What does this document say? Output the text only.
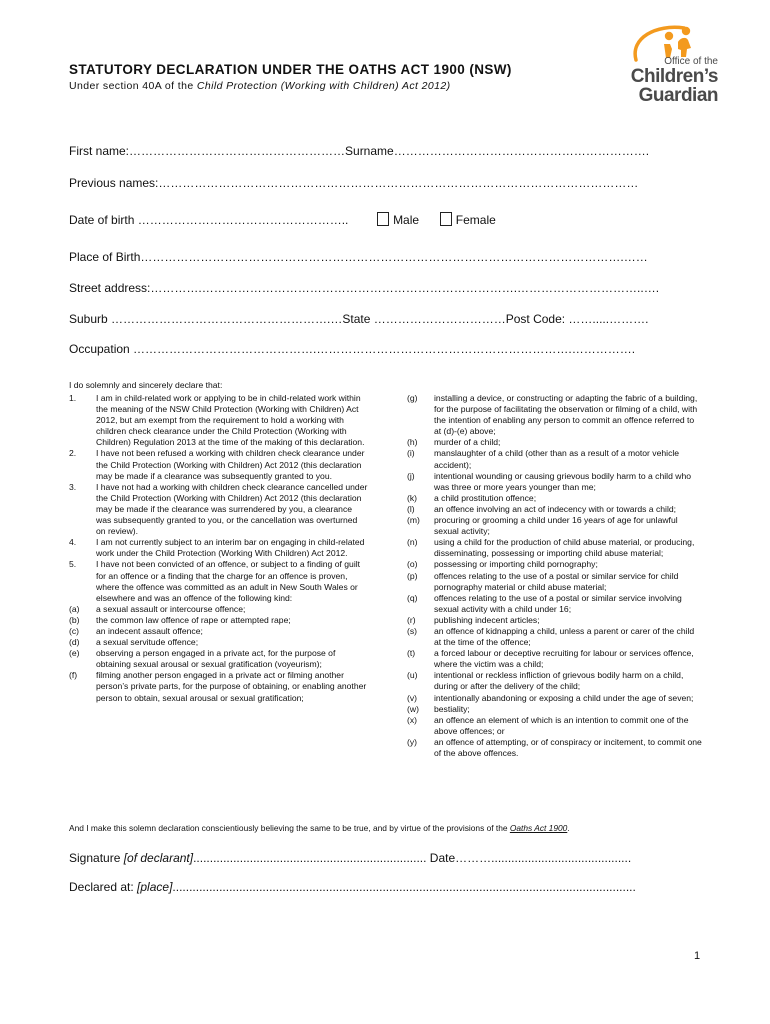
Office of the
Children’s
Guardian
STATUTORY DECLARATION UNDER THE OATHS ACT 1900 (NSW)
Under section 40A of the Child Protection (Working with Children) Act 2012)
First name:………………………………………………Surname……………………………………………………….
Previous names:…………………………………………………………………………………………………………
Date of birth ……………………………………………..	Male	Female
Place of Birth………………………………………………………………………………………………………….……
Street address:………….…………………………………………………………………….…………………………..….
Suburb ……………………………………………….…State ……………………………Post Code: …….....……….
Occupation ……………………………………….……………………………………………………….…………….
I do solemnly and sincerely declare that:
1. I am in child-related work or applying to be in child-related work within the meaning of the NSW Child Protection (Working with Children) Act 2012, but am exempt from the requirement to hold a working with children check clearance under the Child Protection (Working with Children) Regulation 2013 at the time of the making of this declaration.
2. I have not been refused a working with children check clearance under the Child Protection (Working with Children) Act 2012 (this declaration may be made if a clearance was subsequently granted to you.
3. I have not had a working with children check clearance cancelled under the Child Protection (Working with Children) Act 2012 (this declaration may be made if the clearance was surrendered by you, a clearance was subsequently granted to you, or the cancellation was overturned on review).
4. I am not currently subject to an interim bar on engaging in child-related work under the Child Protection (Working With Children) Act 2012.
5. I have not been convicted of an offence, or subject to a finding of guilt for an offence or a finding that the charge for an offence is proven, where the offence was committed as an adult in New South Wales or elsewhere and was an offence of the following kind:
(a) a sexual assault or intercourse offence;
(b) the common law offence of rape or attempted rape;
(c) an indecent assault offence;
(d) a sexual servitude offence;
(e) observing a person engaged in a private act, for the purpose of obtaining sexual arousal or sexual gratification (voyeurism);
(f) filming another person engaged in a private act or filming another person’s private parts, for the purpose of obtaining, or enabling another person to obtain, sexual arousal or sexual gratification;
(g) installing a device, or constructing or adapting the fabric of a building, for the purpose of facilitating the observation or filming of a child, with the intention of enabling any person to commit an offence referred to at (d)-(e) above;
(h) murder of a child;
(i) manslaughter of a child (other than as a result of a motor vehicle accident);
(j) intentional wounding or causing grievous bodily harm to a child who was three or more years younger than me;
(k) a child prostitution offence;
(l) an offence involving an act of indecency with or towards a child;
(m) procuring or grooming a child under 16 years of age for unlawful sexual activity;
(n) using a child for the production of child abuse material, or producing, disseminating, possessing or importing child abuse material;
(o) possessing or importing child pornography;
(p) offences relating to the use of a postal or similar service for child pornography material or child abuse material;
(q) offences relating to the use of a postal or similar service involving sexual activity with a child under 16;
(r) publishing indecent articles;
(s) an offence of kidnapping a child, unless a parent or carer of the child at the time of the offence;
(t) a forced labour or deceptive recruiting for labour or services offence, where the victim was a child;
(u) intentional or reckless infliction of grievous bodily harm on a child, during or after the delivery of the child;
(v) intentionally abandoning or exposing a child under the age of seven;
(w) bestiality;
(x) an offence an element of which is an intention to commit one of the above offences; or
(y) an offence of attempting, or of conspiracy or incitement, to commit one of the above offences.
And I make this solemn declaration conscientiously believing the same to be true, and by virtue of the provisions of the Oaths Act 1900.
Signature [of declarant]...................................................................... Date………..........................................
Declared at: [place]...........................................................................................................................................
1
